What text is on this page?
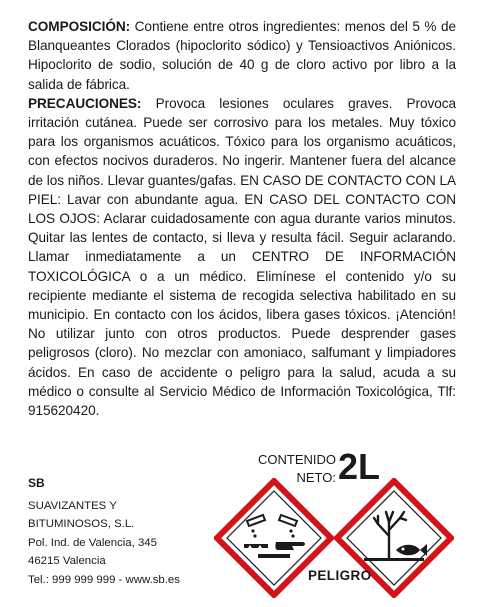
COMPOSICIÓN: Contiene entre otros ingredientes: menos del 5 % de Blanqueantes Clorados (hipoclorito sódico) y Tensioactivos Aniónicos. Hipoclorito de sodio, solución de 40 g de cloro activo por libro a la salida de fábrica.

PRECAUCIONES: Provoca lesiones oculares graves. Provoca irritación cutánea. Puede ser corrosivo para los metales. Muy tóxico para los organismos acuáticos. Tóxico para los organismo acuáticos, con efectos nocivos duraderos. No ingerir. Mantener fuera del alcance de los niños. Llevar guantes/gafas. EN CASO DE CONTACTO CON LA PIEL: Lavar con abundante agua. EN CASO DEL CONTACTO CON LOS OJOS: Aclarar cuidadosamente con agua durante varios minutos. Quitar las lentes de contacto, si lleva y resulta fácil. Seguir aclarando. Llamar inmediatamente a un CENTRO DE INFORMACIÓN TOXICOLÓGICA o a un médico. Elimínese el contenido y/o su recipiente mediante el sistema de recogida selectiva habilitado en su municipio. En contacto con los ácidos, libera gases tóxicos. ¡Atención! No utilizar junto con otros productos. Puede desprender gases peligrosos (cloro). No mezclar con amoniaco, salfumant y limpiadores ácidos. En caso de accidente o peligro para la salud, acuda a su médico o consulte al Servicio Médico de Información Toxicológica, Tlf: 915620420.

SB
SUAVIZANTES Y
BITUMINOSOS, S.L.
Pol. Ind. de Valencia, 345
46215 Valencia
Tel.: 999 999 999 - www.sb.es
CONTENIDO
NETO: 2L
PELIGRO
